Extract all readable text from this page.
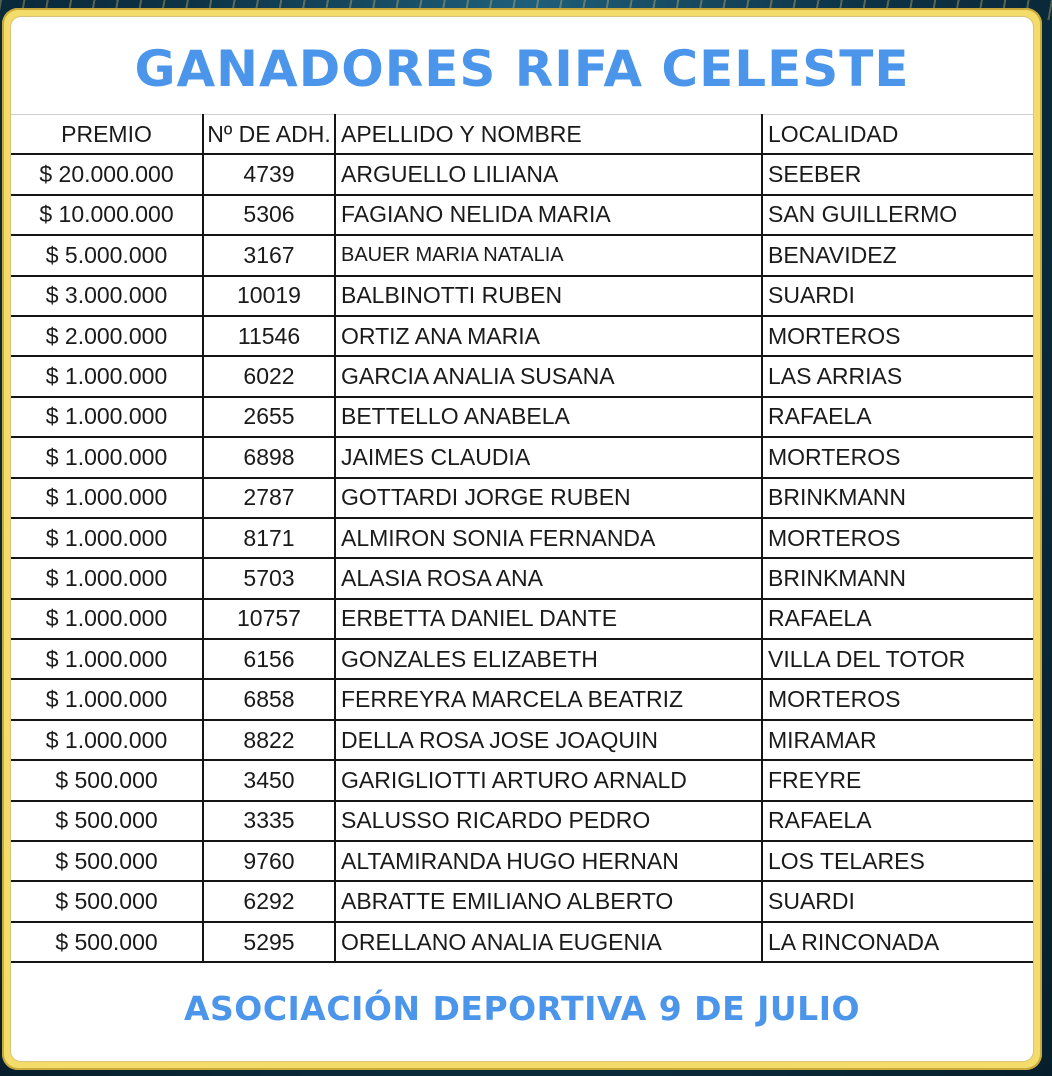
GANADORES RIFA CELESTE
PREMIO	Nº DE ADH.	APELLIDO Y NOMBRE	LOCALIDAD
$ 20.000.000	4739	ARGUELLO LILIANA	SEEBER
$ 10.000.000	5306	FAGIANO NELIDA MARIA	SAN GUILLERMO
$ 5.000.000	3167	BAUER MARIA NATALIA	BENAVIDEZ
$ 3.000.000	10019	BALBINOTTI RUBEN	SUARDI
$ 2.000.000	11546	ORTIZ ANA MARIA	MORTEROS
$ 1.000.000	6022	GARCIA ANALIA SUSANA	LAS ARRIAS
$ 1.000.000	2655	BETTELLO ANABELA	RAFAELA
$ 1.000.000	6898	JAIMES CLAUDIA	MORTEROS
$ 1.000.000	2787	GOTTARDI JORGE RUBEN	BRINKMANN
$ 1.000.000	8171	ALMIRON SONIA FERNANDA	MORTEROS
$ 1.000.000	5703	ALASIA ROSA ANA	BRINKMANN
$ 1.000.000	10757	ERBETTA DANIEL DANTE	RAFAELA
$ 1.000.000	6156	GONZALES ELIZABETH	VILLA DEL TOTOR
$ 1.000.000	6858	FERREYRA MARCELA BEATRIZ	MORTEROS
$ 1.000.000	8822	DELLA ROSA JOSE JOAQUIN	MIRAMAR
$ 500.000	3450	GARIGLIOTTI ARTURO ARNALD	FREYRE
$ 500.000	3335	SALUSSO RICARDO PEDRO	RAFAELA
$ 500.000	9760	ALTAMIRANDA HUGO HERNAN	LOS TELARES
$ 500.000	6292	ABRATTE EMILIANO ALBERTO	SUARDI
$ 500.000	5295	ORELLANO ANALIA EUGENIA	LA RINCONADA
ASOCIACIÓN DEPORTIVA 9 DE JULIO
